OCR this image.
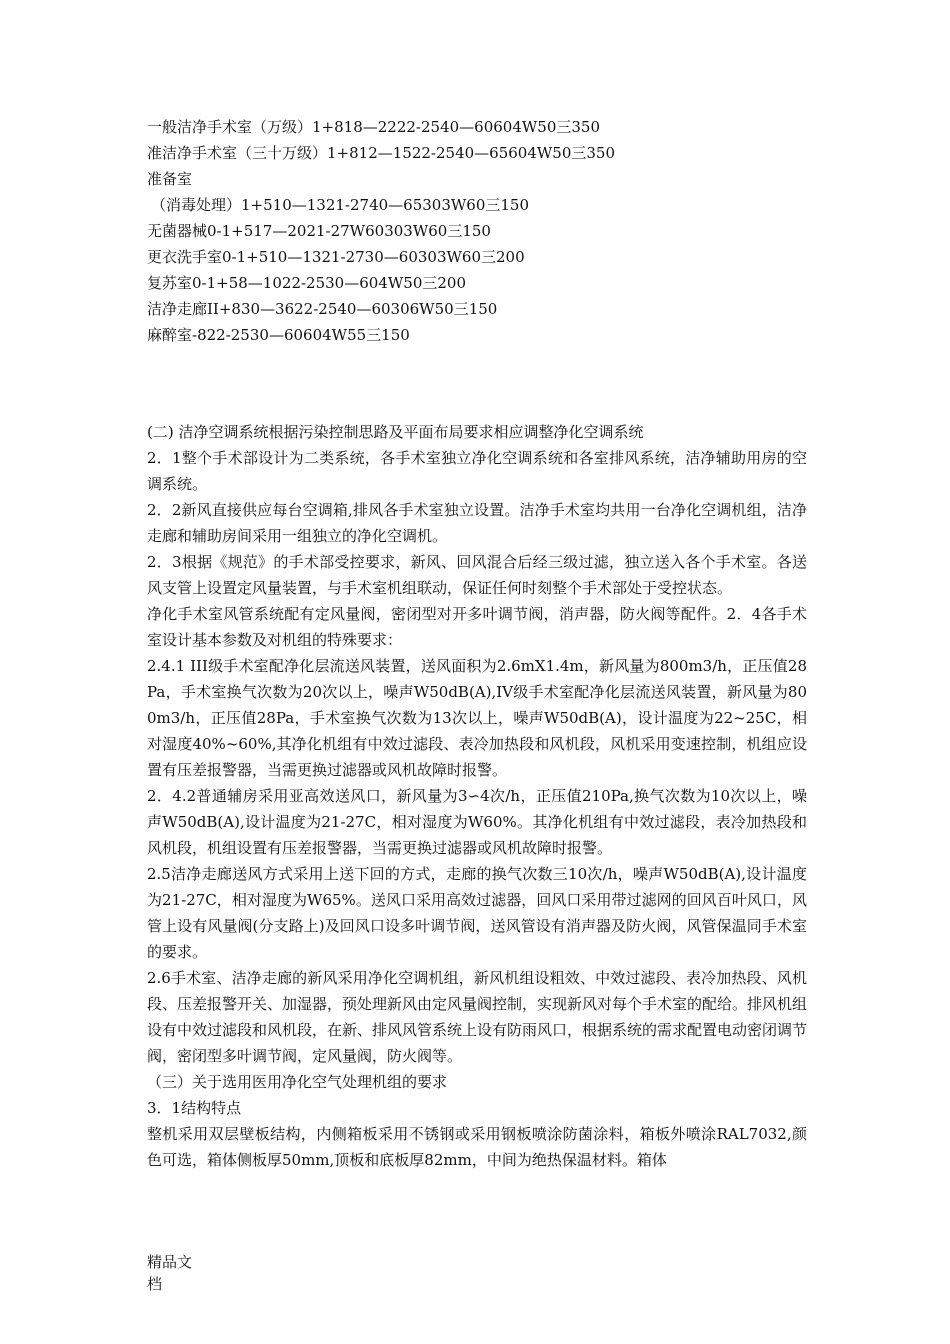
一般洁净手术室（万级）1+818—2222-2540—60604W50三350
准洁净手术室（三十万级）1+812—1522-2540—65604W50三350
准备室
（消毒处理）1+510—1321-2740—65303W60三150
无菌器械0-1+517—2021-27W60303W60三150
更衣洗手室0-1+510—1321-2730—60303W60三200
复苏室0-1+58—1022-2530—604W50三200
洁净走廊II+830—3622-2540—60306W50三150
麻醉室-822-2530—60604W55三150
(二) 洁净空调系统根据污染控制思路及平面布局要求相应调整净化空调系统

2．1整个手术部设计为二类系统，各手术室独立净化空调系统和各室排风系统，洁净辅助用房的空调系统。

2．2新风直接供应每台空调箱,排风各手术室独立设置。洁净手术室均共用一台净化空调机组，洁净走廊和辅助房间采用一组独立的净化空调机。

2．3根据《规范》的手术部受控要求，新风、回风混合后经三级过滤，独立送入各个手术室。各送风支管上设置定风量装置，与手术室机组联动，保证任何时刻整个手术部处于受控状态。

净化手术室风管系统配有定风量阀，密闭型对开多叶调节阀，消声器，防火阀等配件。2．4各手术室设计基本参数及对机组的特殊要求：

2.4.1 III级手术室配净化层流送风装置，送风面积为2.6mX1.4m，新风量为800m3/h，正压值28Pa，手术室换气次数为20次以上，噪声W50dB(A),IV级手术室配净化层流送风装置，新风量为800m3/h，正压值28Pa，手术室换气次数为13次以上，噪声W50dB(A)，设计温度为22~25C，相对湿度40%~60%,其净化机组有中效过滤段、表冷加热段和风机段，风机采用变速控制，机组应设置有压差报警器，当需更换过滤器或风机故障时报警。

2．4.2普通辅房采用亚高效送风口，新风量为3∽4次/h，正压值210Pa,换气次数为10次以上，噪声W50dB(A),设计温度为21-27C，相对湿度为W60%。其净化机组有中效过滤段，表冷加热段和风机段，机组设置有压差报警器，当需更换过滤器或风机故障时报警。

2.5洁净走廊送风方式采用上送下回的方式，走廊的换气次数三10次/h，噪声W50dB(A),设计温度为21-27C，相对湿度为W65%。送风口采用高效过滤器，回风口采用带过滤网的回风百叶风口，风管上设有风量阀(分支路上)及回风口设多叶调节阀，送风管设有消声器及防火阀，风管保温同手术室的要求。

2.6手术室、洁净走廊的新风采用净化空调机组，新风机组设粗效、中效过滤段、表冷加热段、风机段、压差报警开关、加湿器，预处理新风由定风量阀控制，实现新风对每个手术室的配给。排风机组设有中效过滤段和风机段，在新、排风风管系统上设有防雨风口，根据系统的需求配置电动密闭调节阀，密闭型多叶调节阀，定风量阀，防火阀等。

（三）关于选用医用净化空气处理机组的要求

3．1结构特点

整机采用双层壁板结构，内侧箱板采用不锈钢或采用钢板喷涂防菌涂料，箱板外喷涂RAL7032,颜色可选，箱体侧板厚50mm,顶板和底板厚82mm，中间为绝热保温材料。箱体

精品文
档
